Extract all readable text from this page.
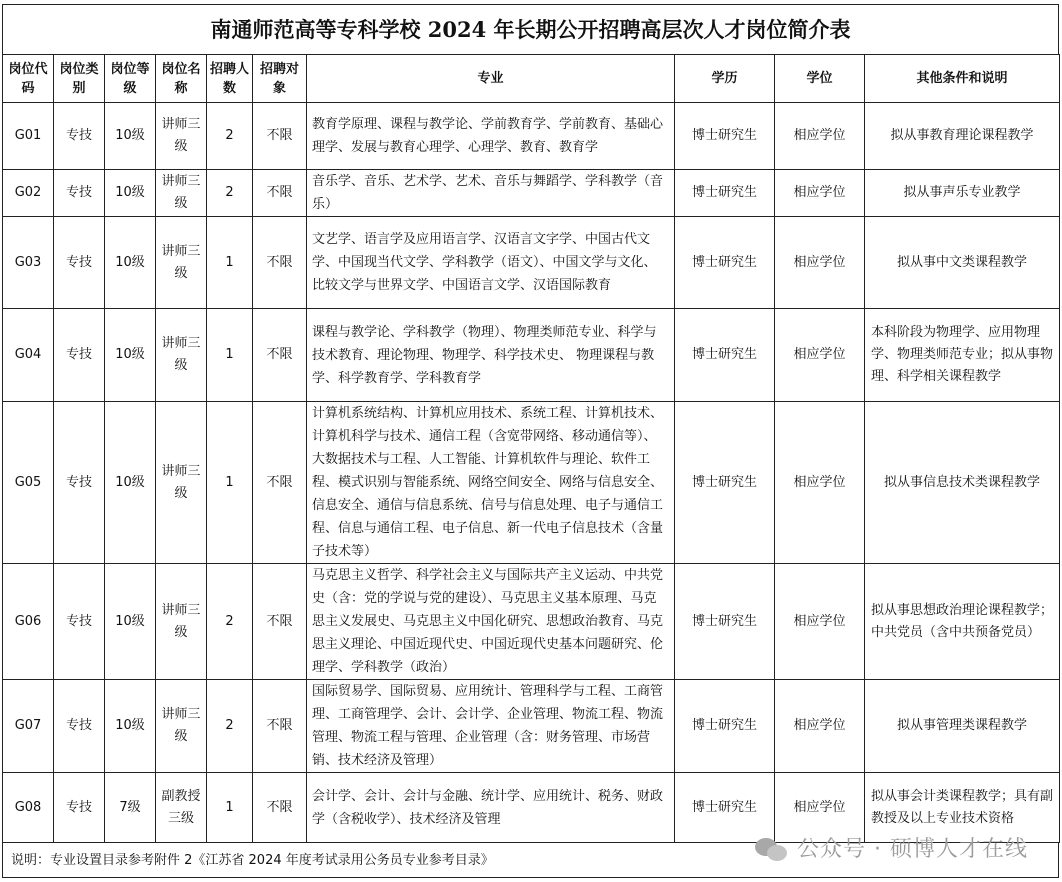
南通师范高等专科学校 2024 年长期公开招聘高层次人才岗位简介表
岗位代码	岗位类别	岗位等级	岗位名称	招聘人数	招聘对象	专业	学历	学位	其他条件和说明
G01	专技	10级	讲师三级	2	不限	教育学原理、课程与教学论、学前教育学、学前教育、基础心理学、发展与教育心理学、心理学、教育、教育学	博士研究生	相应学位	拟从事教育理论课程教学
G02	专技	10级	讲师三级	2	不限	音乐学、音乐、艺术学、艺术、音乐与舞蹈学、学科教学（音乐）	博士研究生	相应学位	拟从事声乐专业教学
G03	专技	10级	讲师三级	1	不限	文艺学、语言学及应用语言学、汉语言文字学、中国古代文学、中国现当代文学、学科教学（语文）、中国文学与文化、比较文学与世界文学、中国语言文学、汉语国际教育	博士研究生	相应学位	拟从事中文类课程教学
G04	专技	10级	讲师三级	1	不限	课程与教学论、学科教学（物理）、物理类师范专业、科学与技术教育、理论物理、物理学、科学技术史、 物理课程与教学、科学教育学、学科教育学	博士研究生	相应学位	本科阶段为物理学、应用物理学、物理类师范专业；拟从事物理、科学相关课程教学
G05	专技	10级	讲师三级	1	不限	计算机系统结构、计算机应用技术、系统工程、计算机技术、计算机科学与技术、通信工程（含宽带网络、移动通信等）、大数据技术与工程、人工智能、计算机软件与理论、软件工程、模式识别与智能系统、网络空间安全、网络与信息安全、信息安全、通信与信息系统、信号与信息处理、电子与通信工程、信息与通信工程、电子信息、新一代电子信息技术（含量子技术等）	博士研究生	相应学位	拟从事信息技术类课程教学
G06	专技	10级	讲师三级	2	不限	马克思主义哲学、科学社会主义与国际共产主义运动、中共党史（含：党的学说与党的建设）、马克思主义基本原理、马克思主义发展史、马克思主义中国化研究、思想政治教育、马克思主义理论、中国近现代史、中国近现代史基本问题研究、伦理学、学科教学（政治）	博士研究生	相应学位	拟从事思想政治理论课程教学；中共党员（含中共预备党员）
G07	专技	10级	讲师三级	2	不限	国际贸易学、国际贸易、应用统计、管理科学与工程、工商管理、工商管理学、会计、会计学、企业管理、物流工程、物流管理、物流工程与管理、企业管理（含：财务管理、市场营销、技术经济及管理）	博士研究生	相应学位	拟从事管理类课程教学
G08	专技	7级	副教授三级	1	不限	会计学、会计、会计与金融、统计学、应用统计、税务、财政学（含税收学）、技术经济及管理	博士研究生	相应学位	拟从事会计类课程教学；具有副教授及以上专业技术资格
说明：专业设置目录参考附件 2《江苏省 2024 年度考试录用公务员专业参考目录》	公众号 · 硕博人才在线
